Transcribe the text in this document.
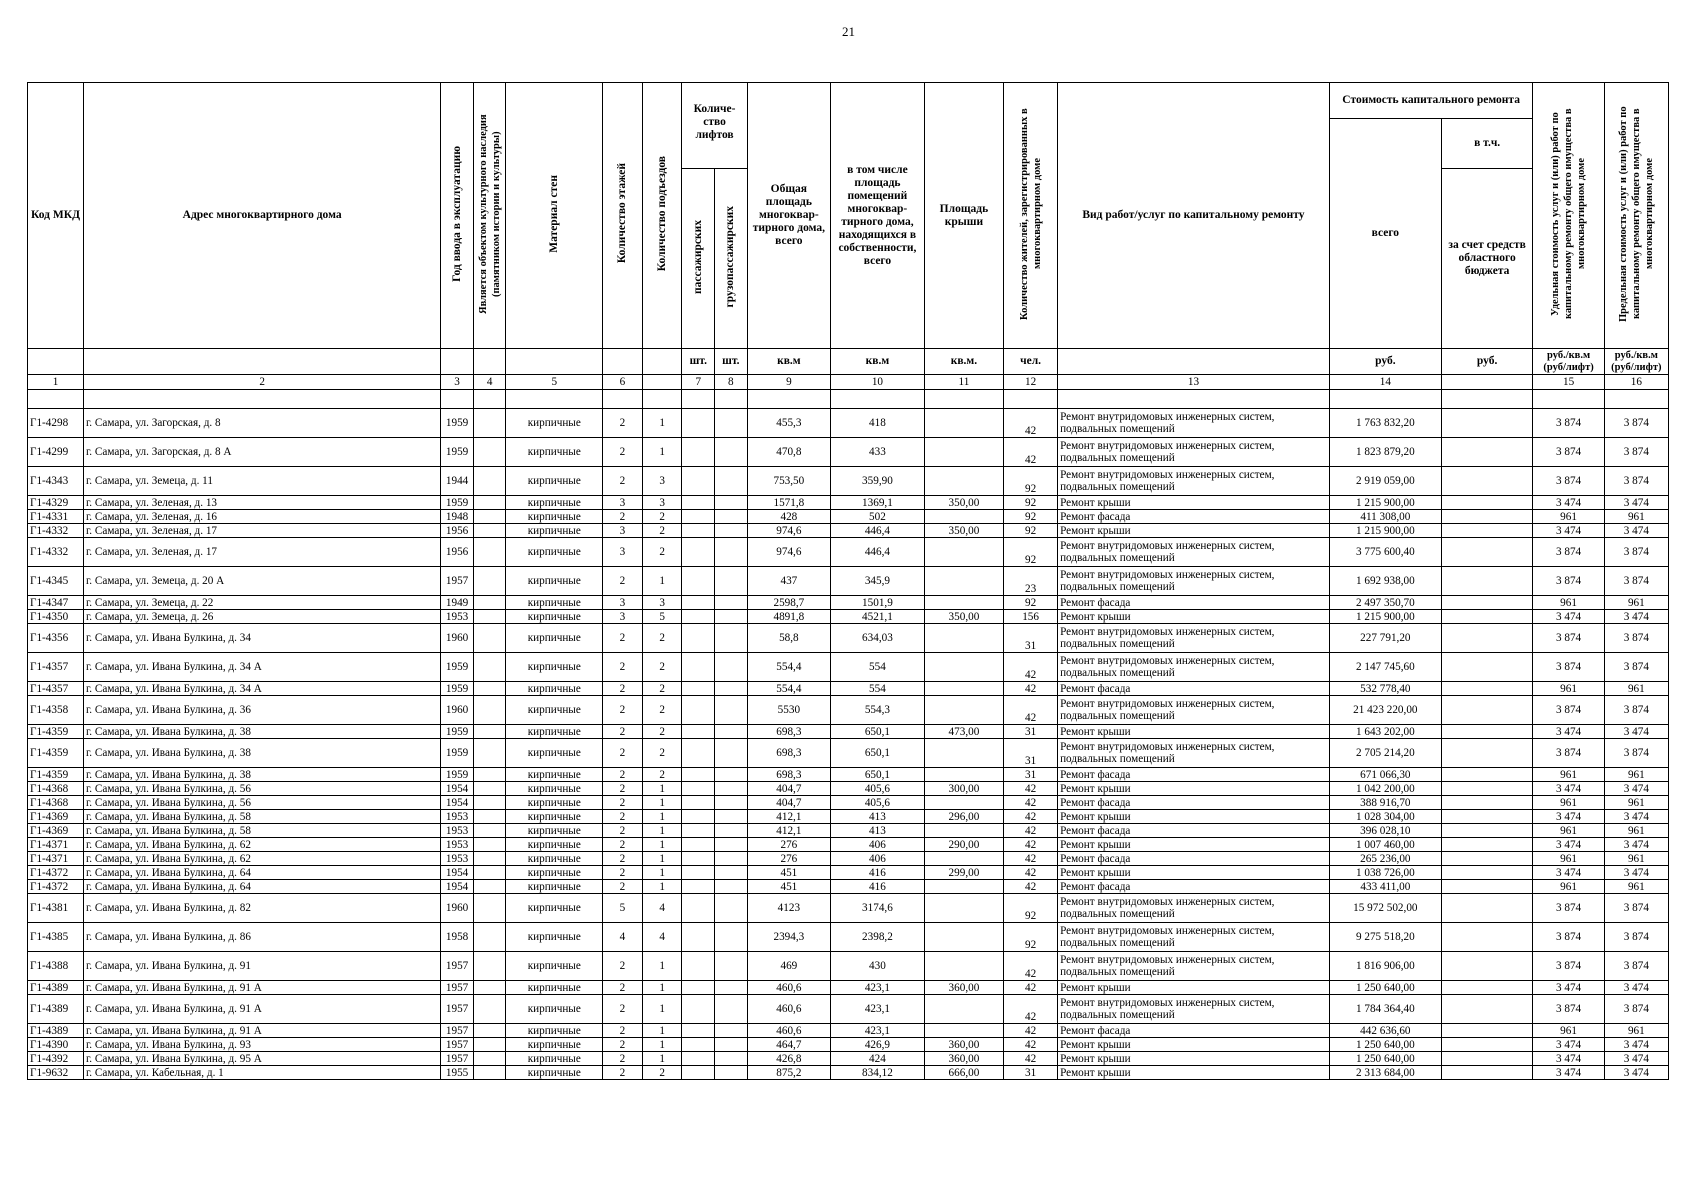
21
Код МКД	Адрес многоквартирного дома	Год ввода в эксплуатацию	Является объектом культурного наследия (памятником истории и культуры)	Материал стен	Количество этажей	Количество подъездов	Количе- ство лифтов		Общая площадь многоквар- тирного дома, всего	в том числе площадь помещений многоквар- тирного дома, находящихся в собственности, всего	Площадь крыши	Количество жителей, зарегистрированных в многоквартирном доме	Вид работ/услуг по капитальному ремонту	Стоимость капитального ремонта		Удельная стоимость услуг и (или) работ по капитальному ремонту общего имущества в многоквартирном доме	Предельная стоимость услуг и (или) работ по капитальному ремонту общего имущества в многоквартирном доме
														всего	в т.ч.		
							пассажирских	грузопассажирских							за счет средств областного бюджета		
							шт.	шт.	кв.м	кв.м	кв.м.	чел.		руб.	руб.	руб./кв.м (руб/лифт)	руб./кв.м (руб/лифт)
1	2	3	4	5	6		7	8	9	10	11	12	13	14		15	16

Г1-4298	г. Самара, ул. Загорская, д. 8	1959		кирпичные	2	1			455,3	418		42	Ремонт внутридомовых инженерных систем, подвальных помещений	1 763 832,20		3 874	3 874
Г1-4299	г. Самара, ул. Загорская, д. 8 А	1959		кирпичные	2	1			470,8	433		42	Ремонт внутридомовых инженерных систем, подвальных помещений	1 823 879,20		3 874	3 874
Г1-4343	г. Самара, ул. Земеца, д. 11	1944		кирпичные	2	3			753,50	359,90		92	Ремонт внутридомовых инженерных систем, подвальных помещений	2 919 059,00		3 874	3 874
Г1-4329	г. Самара, ул. Зеленая, д. 13	1959		кирпичные	3	3			1571,8	1369,1	350,00	92	Ремонт крыши	1 215 900,00		3 474	3 474
Г1-4331	г. Самара, ул. Зеленая, д. 16	1948		кирпичные	2	2			428	502		92	Ремонт фасада	411 308,00		961	961
Г1-4332	г. Самара, ул. Зеленая, д. 17	1956		кирпичные	3	2			974,6	446,4	350,00	92	Ремонт крыши	1 215 900,00		3 474	3 474
Г1-4332	г. Самара, ул. Зеленая, д. 17	1956		кирпичные	3	2			974,6	446,4		92	Ремонт внутридомовых инженерных систем, подвальных помещений	3 775 600,40		3 874	3 874
Г1-4345	г. Самара, ул. Земеца, д. 20 А	1957		кирпичные	2	1			437	345,9		23	Ремонт внутридомовых инженерных систем, подвальных помещений	1 692 938,00		3 874	3 874
Г1-4347	г. Самара, ул. Земеца, д. 22	1949		кирпичные	3	3			2598,7	1501,9		92	Ремонт фасада	2 497 350,70		961	961
Г1-4350	г. Самара, ул. Земеца, д. 26	1953		кирпичные	3	5			4891,8	4521,1	350,00	156	Ремонт крыши	1 215 900,00		3 474	3 474
Г1-4356	г. Самара, ул. Ивана Булкина, д. 34	1960		кирпичные	2	2			58,8	634,03		31	Ремонт внутридомовых инженерных систем, подвальных помещений	227 791,20		3 874	3 874
Г1-4357	г. Самара, ул. Ивана Булкина, д. 34 А	1959		кирпичные	2	2			554,4	554		42	Ремонт внутридомовых инженерных систем, подвальных помещений	2 147 745,60		3 874	3 874
Г1-4357	г. Самара, ул. Ивана Булкина, д. 34 А	1959		кирпичные	2	2			554,4	554		42	Ремонт фасада	532 778,40		961	961
Г1-4358	г. Самара, ул. Ивана Булкина, д. 36	1960		кирпичные	2	2			5530	554,3		42	Ремонт внутридомовых инженерных систем, подвальных помещений	21 423 220,00		3 874	3 874
Г1-4359	г. Самара, ул. Ивана Булкина, д. 38	1959		кирпичные	2	2			698,3	650,1	473,00	31	Ремонт крыши	1 643 202,00		3 474	3 474
Г1-4359	г. Самара, ул. Ивана Булкина, д. 38	1959		кирпичные	2	2			698,3	650,1		31	Ремонт внутридомовых инженерных систем, подвальных помещений	2 705 214,20		3 874	3 874
Г1-4359	г. Самара, ул. Ивана Булкина, д. 38	1959		кирпичные	2	2			698,3	650,1		31	Ремонт фасада	671 066,30		961	961
Г1-4368	г. Самара, ул. Ивана Булкина, д. 56	1954		кирпичные	2	1			404,7	405,6	300,00	42	Ремонт крыши	1 042 200,00		3 474	3 474
Г1-4368	г. Самара, ул. Ивана Булкина, д. 56	1954		кирпичные	2	1			404,7	405,6		42	Ремонт фасада	388 916,70		961	961
Г1-4369	г. Самара, ул. Ивана Булкина, д. 58	1953		кирпичные	2	1			412,1	413	296,00	42	Ремонт крыши	1 028 304,00		3 474	3 474
Г1-4369	г. Самара, ул. Ивана Булкина, д. 58	1953		кирпичные	2	1			412,1	413		42	Ремонт фасада	396 028,10		961	961
Г1-4371	г. Самара, ул. Ивана Булкина, д. 62	1953		кирпичные	2	1			276	406	290,00	42	Ремонт крыши	1 007 460,00		3 474	3 474
Г1-4371	г. Самара, ул. Ивана Булкина, д. 62	1953		кирпичные	2	1			276	406		42	Ремонт фасада	265 236,00		961	961
Г1-4372	г. Самара, ул. Ивана Булкина, д. 64	1954		кирпичные	2	1			451	416	299,00	42	Ремонт крыши	1 038 726,00		3 474	3 474
Г1-4372	г. Самара, ул. Ивана Булкина, д. 64	1954		кирпичные	2	1			451	416		42	Ремонт фасада	433 411,00		961	961
Г1-4381	г. Самара, ул. Ивана Булкина, д. 82	1960		кирпичные	5	4			4123	3174,6		92	Ремонт внутридомовых инженерных систем, подвальных помещений	15 972 502,00		3 874	3 874
Г1-4385	г. Самара, ул. Ивана Булкина, д. 86	1958		кирпичные	4	4			2394,3	2398,2		92	Ремонт внутридомовых инженерных систем, подвальных помещений	9 275 518,20		3 874	3 874
Г1-4388	г. Самара, ул. Ивана Булкина, д. 91	1957		кирпичные	2	1			469	430		42	Ремонт внутридомовых инженерных систем, подвальных помещений	1 816 906,00		3 874	3 874
Г1-4389	г. Самара, ул. Ивана Булкина, д. 91 А	1957		кирпичные	2	1			460,6	423,1	360,00	42	Ремонт крыши	1 250 640,00		3 474	3 474
Г1-4389	г. Самара, ул. Ивана Булкина, д. 91 А	1957		кирпичные	2	1			460,6	423,1		42	Ремонт внутридомовых инженерных систем, подвальных помещений	1 784 364,40		3 874	3 874
Г1-4389	г. Самара, ул. Ивана Булкина, д. 91 А	1957		кирпичные	2	1			460,6	423,1		42	Ремонт фасада	442 636,60		961	961
Г1-4390	г. Самара, ул. Ивана Булкина, д. 93	1957		кирпичные	2	1			464,7	426,9	360,00	42	Ремонт крыши	1 250 640,00		3 474	3 474
Г1-4392	г. Самара, ул. Ивана Булкина, д. 95 А	1957		кирпичные	2	1			426,8	424	360,00	42	Ремонт крыши	1 250 640,00		3 474	3 474
Г1-9632	г. Самара, ул. Кабельная, д. 1	1955		кирпичные	2	2			875,2	834,12	666,00	31	Ремонт крыши	2 313 684,00		3 474	3 474
